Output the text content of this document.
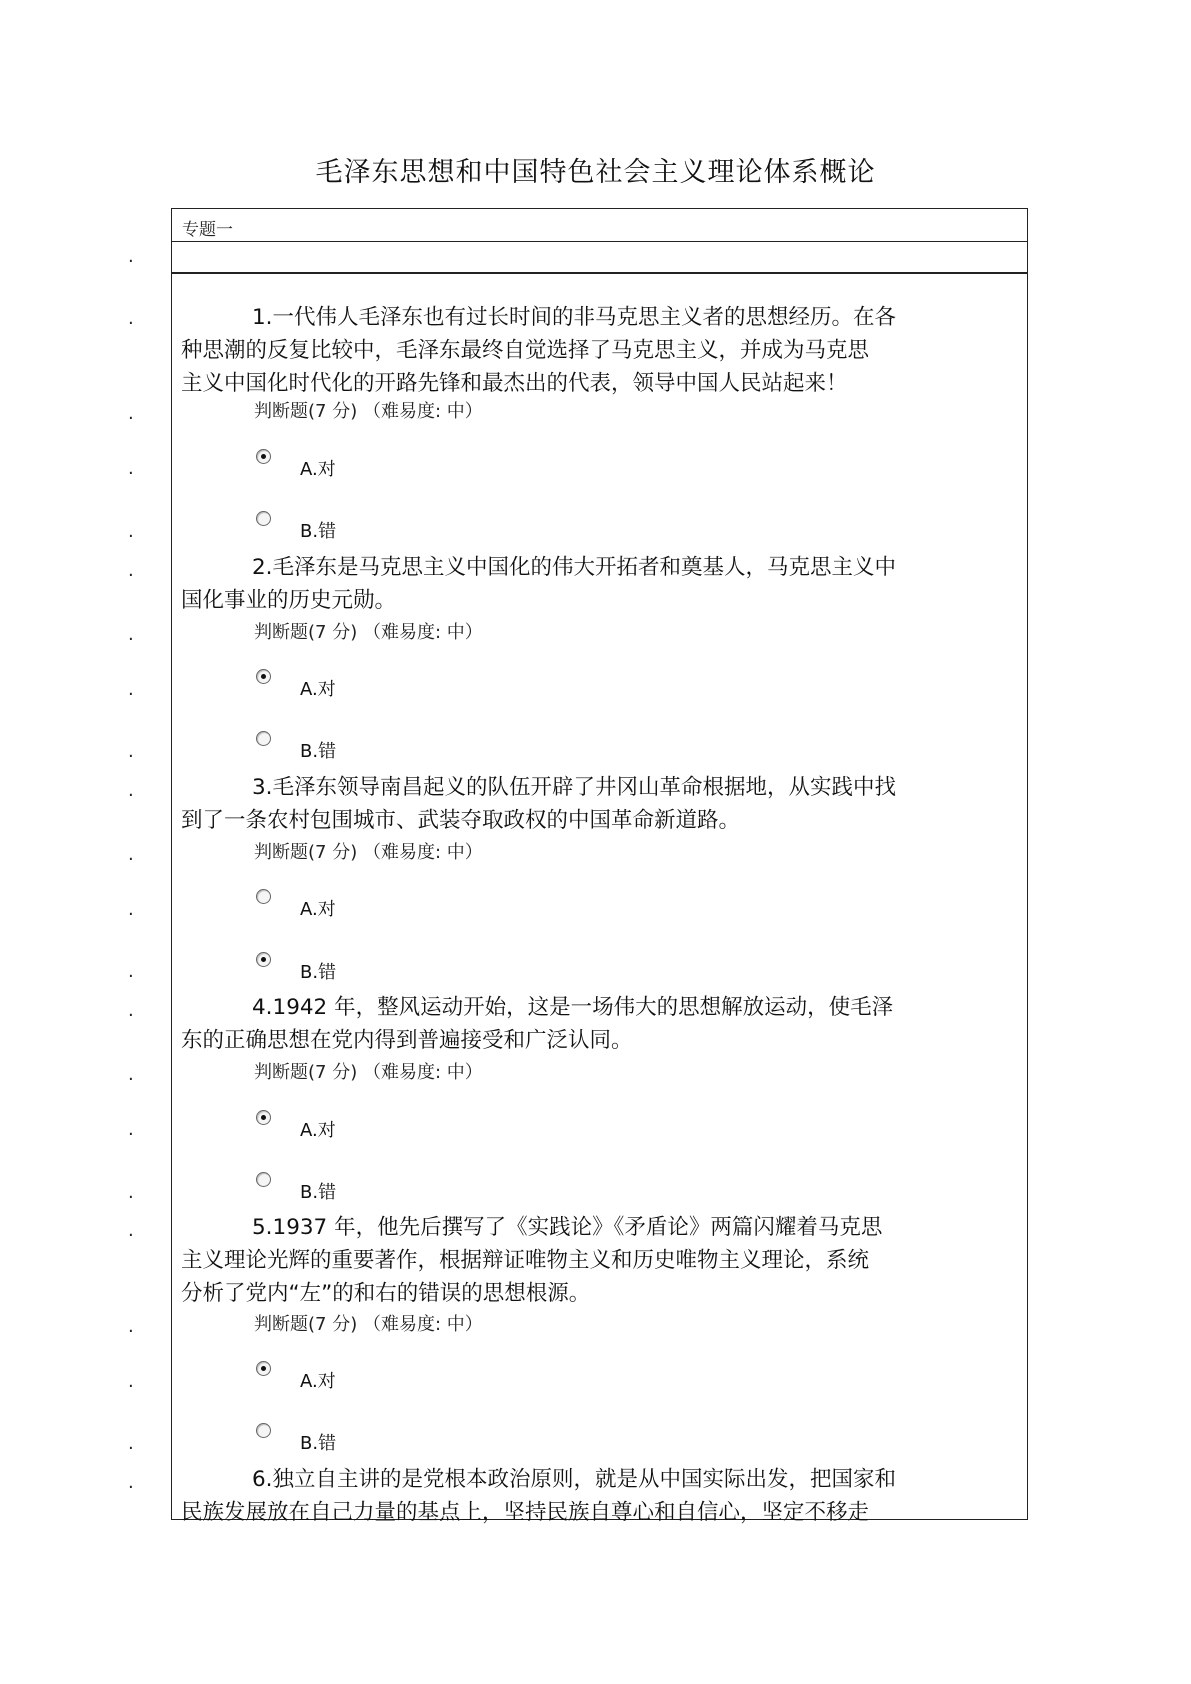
毛泽东思想和中国特色社会主义理论体系概论
专题一
.
1.一代伟人毛泽东也有过长时间的非马克思主义者的思想经历。在各
种思潮的反复比较中，毛泽东最终自觉选择了马克思主义，并成为马克思
主义中国化时代化的开路先锋和最杰出的代表，领导中国人民站起来！
.
.	判断题(7 分) （难易度: 中）
A.对
.
B.错
.
2.毛泽东是马克思主义中国化的伟大开拓者和奠基人，马克思主义中
国化事业的历史元勋。
.
.	判断题(7 分) （难易度: 中）
A.对
.
B.错
.
3.毛泽东领导南昌起义的队伍开辟了井冈山革命根据地，从实践中找
到了一条农村包围城市、武装夺取政权的中国革命新道路。
.
.	判断题(7 分) （难易度: 中）
A.对
.
B.错
.
4.1942 年，整风运动开始，这是一场伟大的思想解放运动，使毛泽
东的正确思想在党内得到普遍接受和广泛认同。
.
.	判断题(7 分) （难易度: 中）
A.对
.
B.错
.
5.1937 年，他先后撰写了《实践论》《矛盾论》两篇闪耀着马克思
主义理论光辉的重要著作，根据辩证唯物主义和历史唯物主义理论，系统
分析了党内“左”的和右的错误的思想根源。
.
.	判断题(7 分) （难易度: 中）
A.对
.
B.错
.
6.独立自主讲的是党根本政治原则，就是从中国实际出发，把国家和
民族发展放在自己力量的基点上，坚持民族自尊心和自信心，坚定不移走
.
